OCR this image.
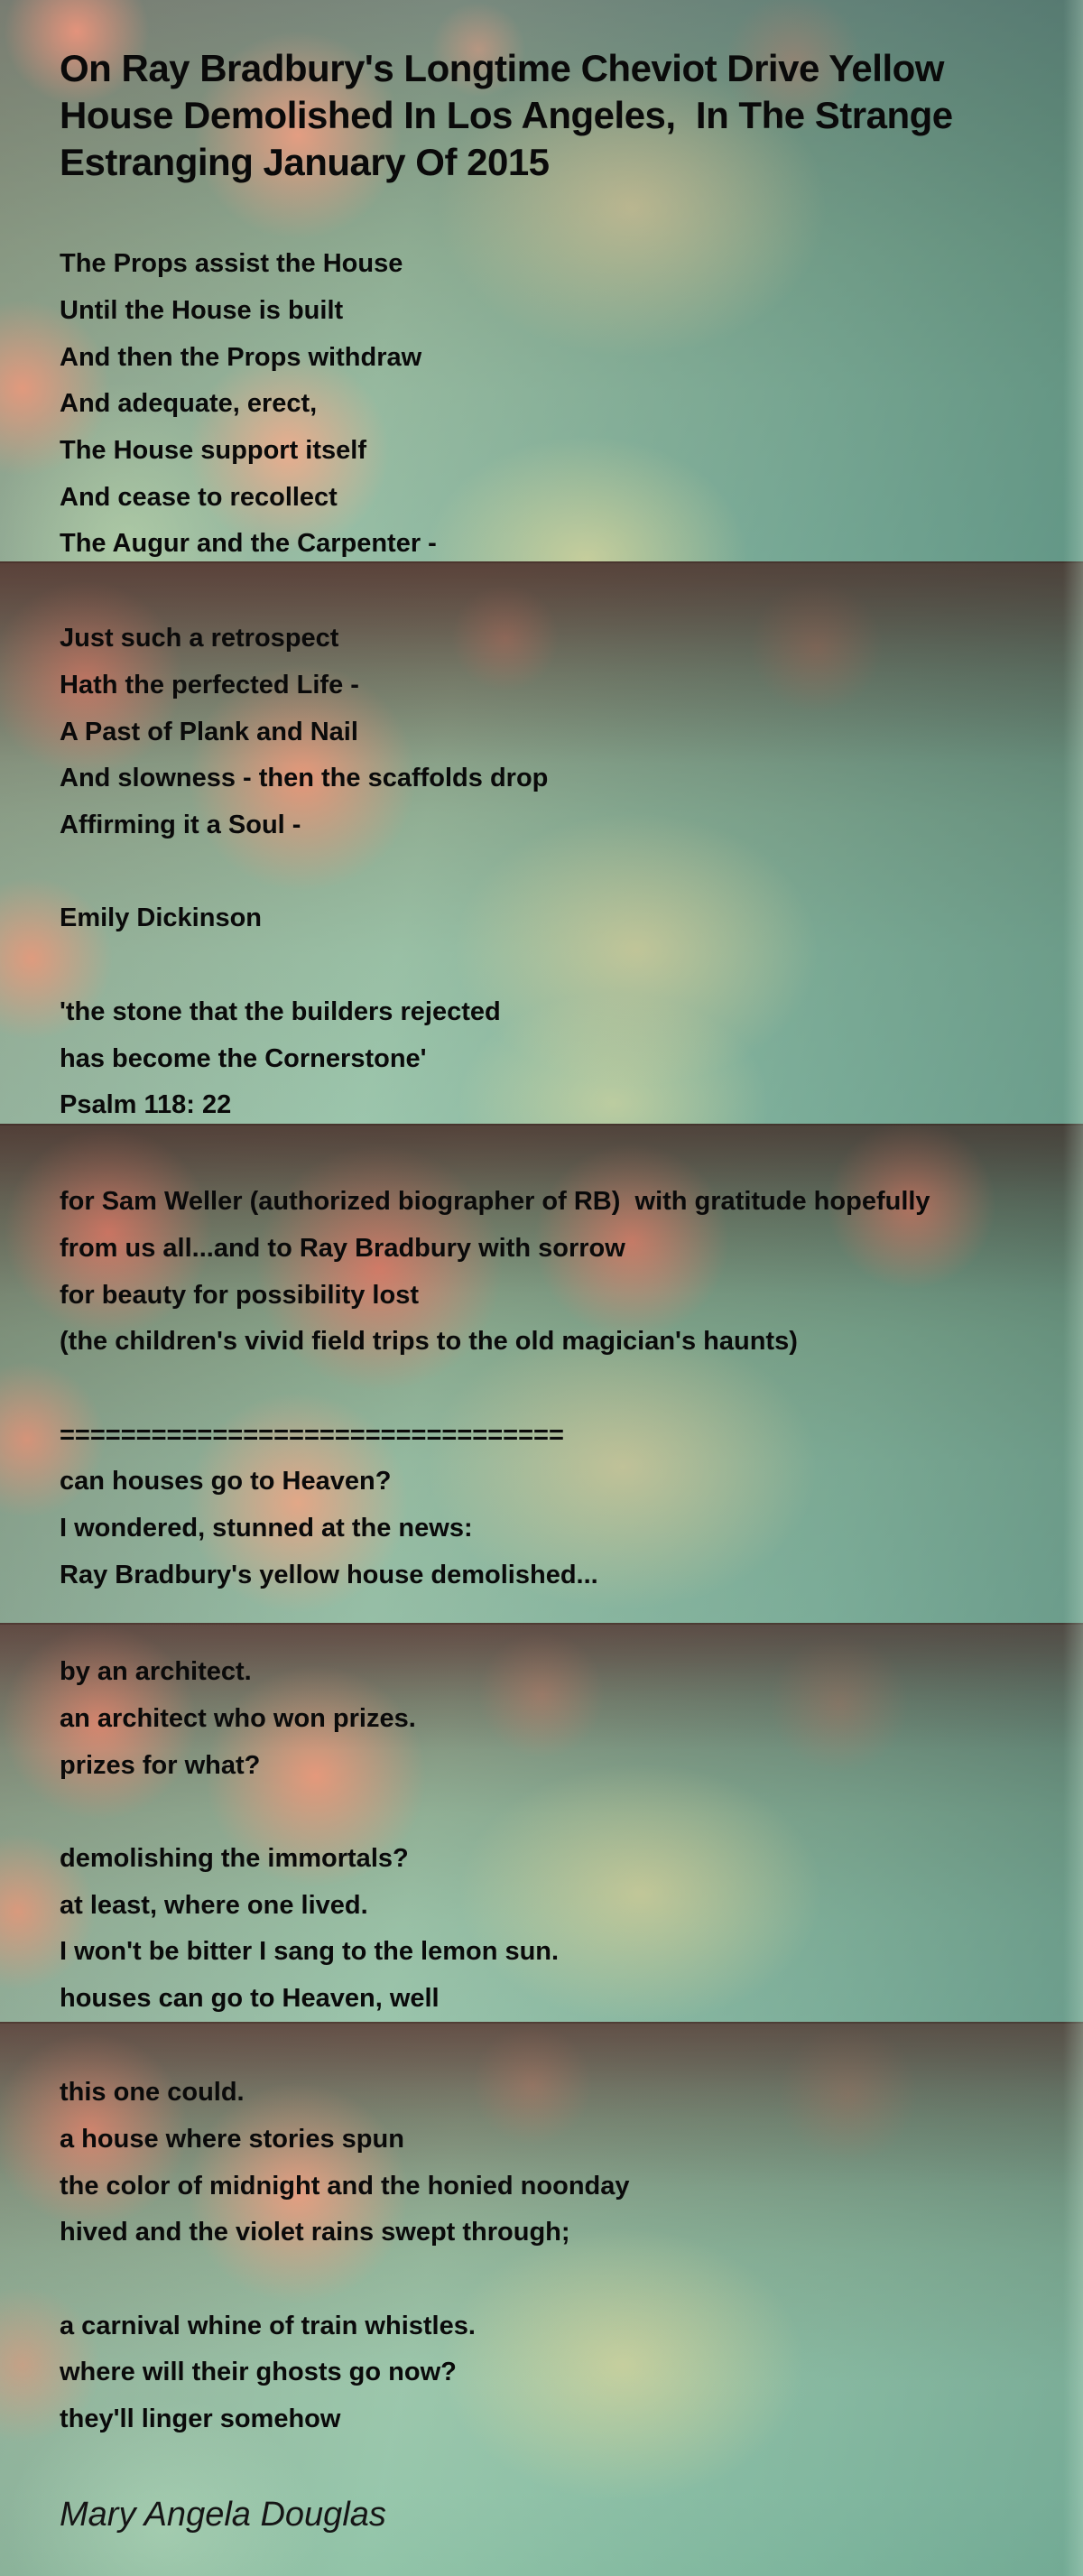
On Ray Bradbury's Longtime Cheviot Drive Yellow
House Demolished In Los Angeles,  In The Strange
Estranging January Of 2015
The Props assist the House
Until the House is built
And then the Props withdraw
And adequate, erect,
The House support itself
And cease to recollect
The Augur and the Carpenter -
Just such a retrospect
Hath the perfected Life -
A Past of Plank and Nail
And slowness - then the scaffolds drop
Affirming it a Soul -

Emily Dickinson

'the stone that the builders rejected
has become the Cornerstone'
Psalm 118: 22
for Sam Weller (authorized biographer of RB)  with gratitude hopefully
from us all...and to Ray Bradbury with sorrow
for beauty for possibility lost
(the children's vivid field trips to the old magician's haunts)

=================================
can houses go to Heaven?
I wondered, stunned at the news:
Ray Bradbury's yellow house demolished...
by an architect.
an architect who won prizes.
prizes for what?

demolishing the immortals?
at least, where one lived.
I won't be bitter I sang to the lemon sun.
houses can go to Heaven, well
this one could.
a house where stories spun
the color of midnight and the honied noonday
hived and the violet rains swept through;

a carnival whine of train whistles.
where will their ghosts go now?
they'll linger somehow
Mary Angela Douglas
